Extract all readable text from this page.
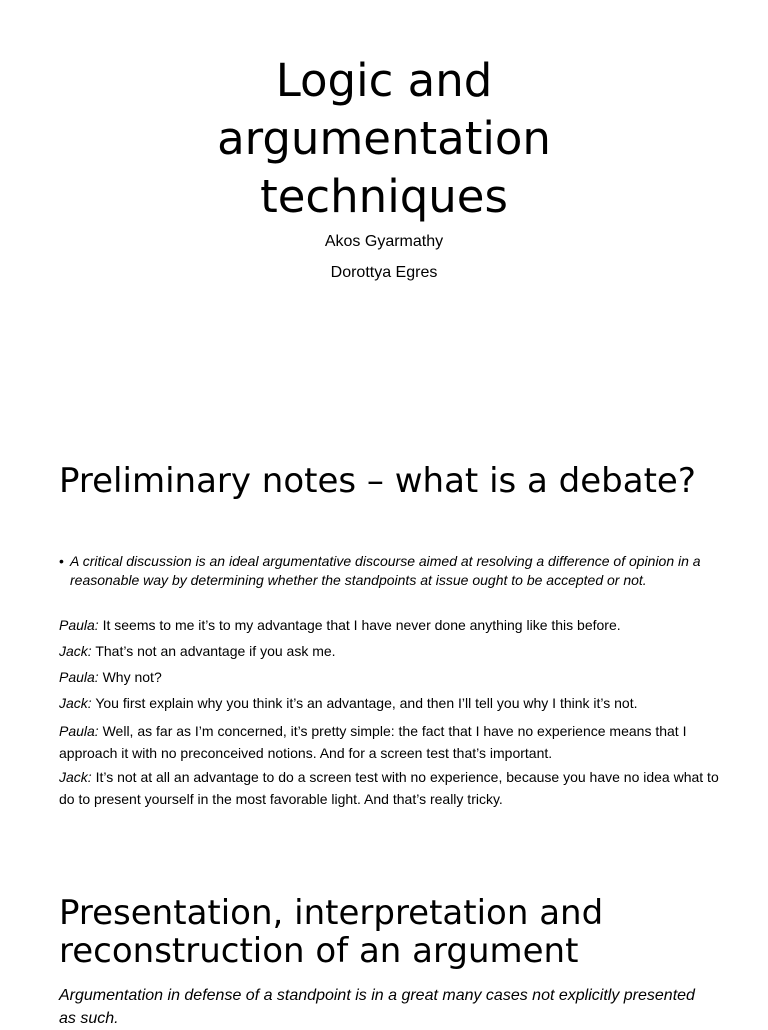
Logic and
argumentation
techniques
Akos Gyarmathy
Dorottya Egres
Preliminary notes – what is a debate?
• A critical discussion is an ideal argumentative discourse aimed at resolving a difference of opinion in a reasonable way by determining whether the standpoints at issue ought to be accepted or not.
Paula: It seems to me it’s to my advantage that I have never done anything like this before.
Jack: That’s not an advantage if you ask me.
Paula: Why not?
Jack: You first explain why you think it’s an advantage, and then I’ll tell you why I think it’s not.
Paula: Well, as far as I’m concerned, it’s pretty simple: the fact that I have no experience means that I approach it with no preconceived notions. And for a screen test that’s important.
Jack: It’s not at all an advantage to do a screen test with no experience, because you have no idea what to do to present yourself in the most favorable light. And that’s really tricky.
Presentation, interpretation and reconstruction of an argument
Argumentation in defense of a standpoint is in a great many cases not explicitly presented as such.
